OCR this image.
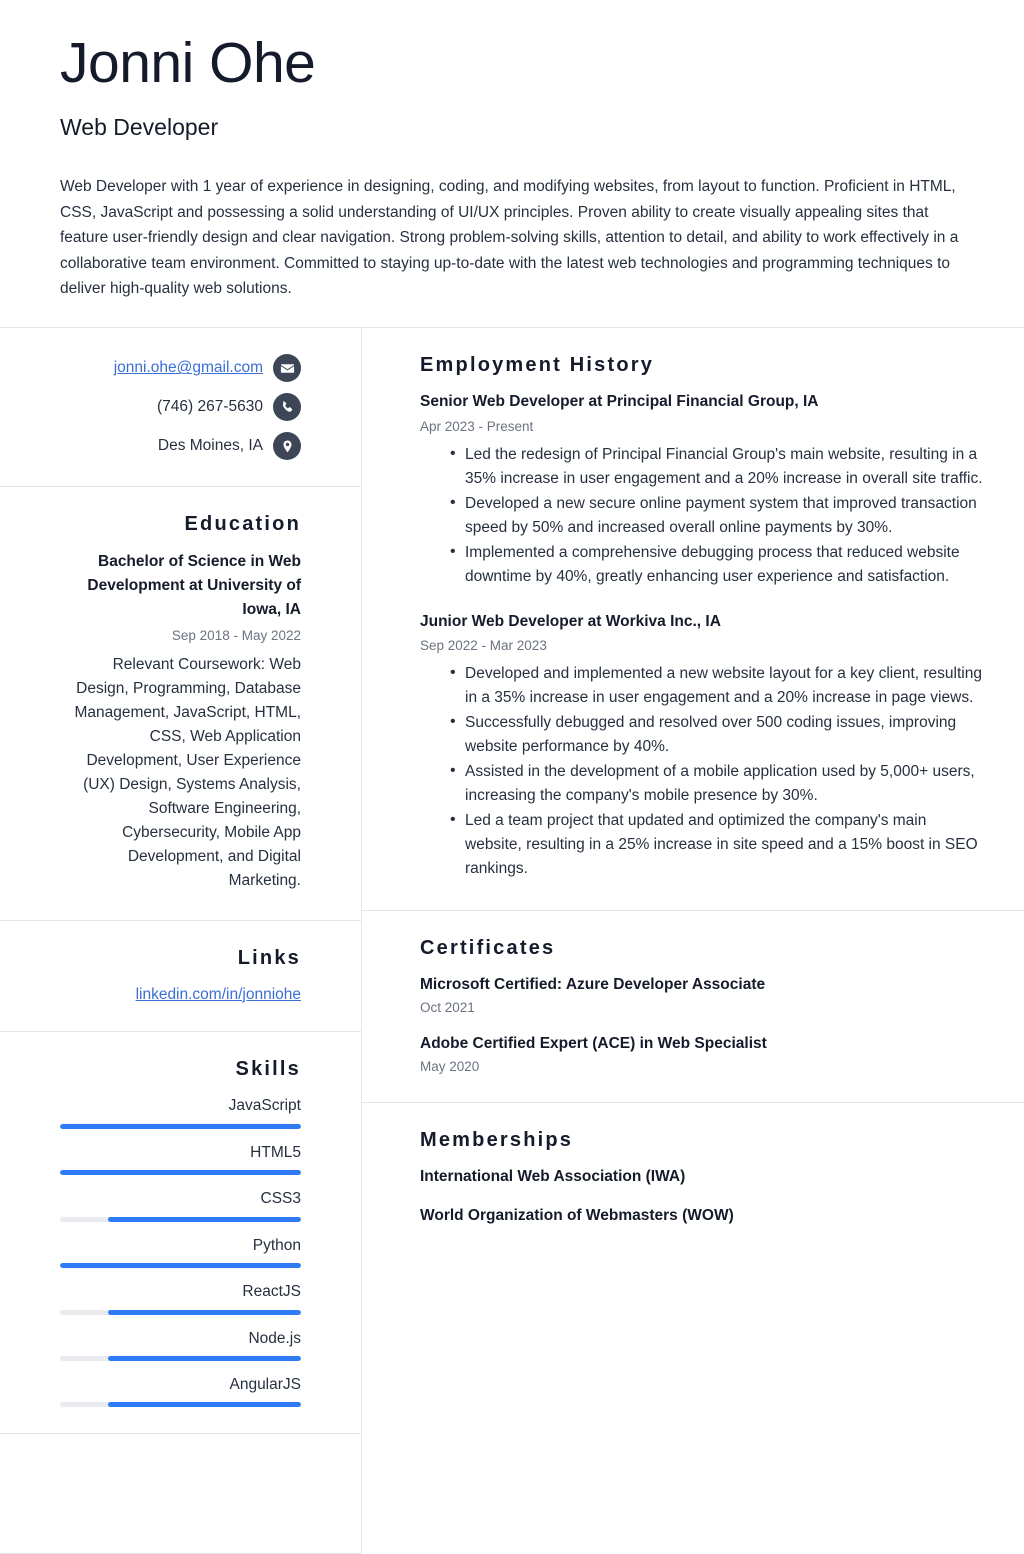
Jonni Ohe
Web Developer

Web Developer with 1 year of experience in designing, coding, and modifying websites, from layout to function. Proficient in HTML, CSS, JavaScript and possessing a solid understanding of UI/UX principles. Proven ability to create visually appealing sites that feature user-friendly design and clear navigation. Strong problem-solving skills, attention to detail, and ability to work effectively in a collaborative team environment. Committed to staying up-to-date with the latest web technologies and programming techniques to deliver high-quality web solutions.

jonni.ohe@gmail.com
(746) 267-5630
Des Moines, IA
Education
Bachelor of Science in Web Development at University of Iowa, IA
Sep 2018 - May 2022
Relevant Coursework: Web Design, Programming, Database Management, JavaScript, HTML, CSS, Web Application Development, User Experience (UX) Design, Systems Analysis, Software Engineering, Cybersecurity, Mobile App Development, and Digital Marketing.
Links
linkedin.com/in/jonniohe
Skills
JavaScript
HTML5
CSS3
Python
ReactJS
Node.js
AngularJS
Employment History
Senior Web Developer at Principal Financial Group, IA
Apr 2023 - Present
• Led the redesign of Principal Financial Group's main website, resulting in a 35% increase in user engagement and a 20% increase in overall site traffic.
• Developed a new secure online payment system that improved transaction speed by 50% and increased overall online payments by 30%.
• Implemented a comprehensive debugging process that reduced website downtime by 40%, greatly enhancing user experience and satisfaction.
Junior Web Developer at Workiva Inc., IA
Sep 2022 - Mar 2023
• Developed and implemented a new website layout for a key client, resulting in a 35% increase in user engagement and a 20% increase in page views.
• Successfully debugged and resolved over 500 coding issues, improving website performance by 40%.
• Assisted in the development of a mobile application used by 5,000+ users, increasing the company's mobile presence by 30%.
• Led a team project that updated and optimized the company's main website, resulting in a 25% increase in site speed and a 15% boost in SEO rankings.
Certificates
Microsoft Certified: Azure Developer Associate
Oct 2021
Adobe Certified Expert (ACE) in Web Specialist
May 2020
Memberships
International Web Association (IWA)
World Organization of Webmasters (WOW)
